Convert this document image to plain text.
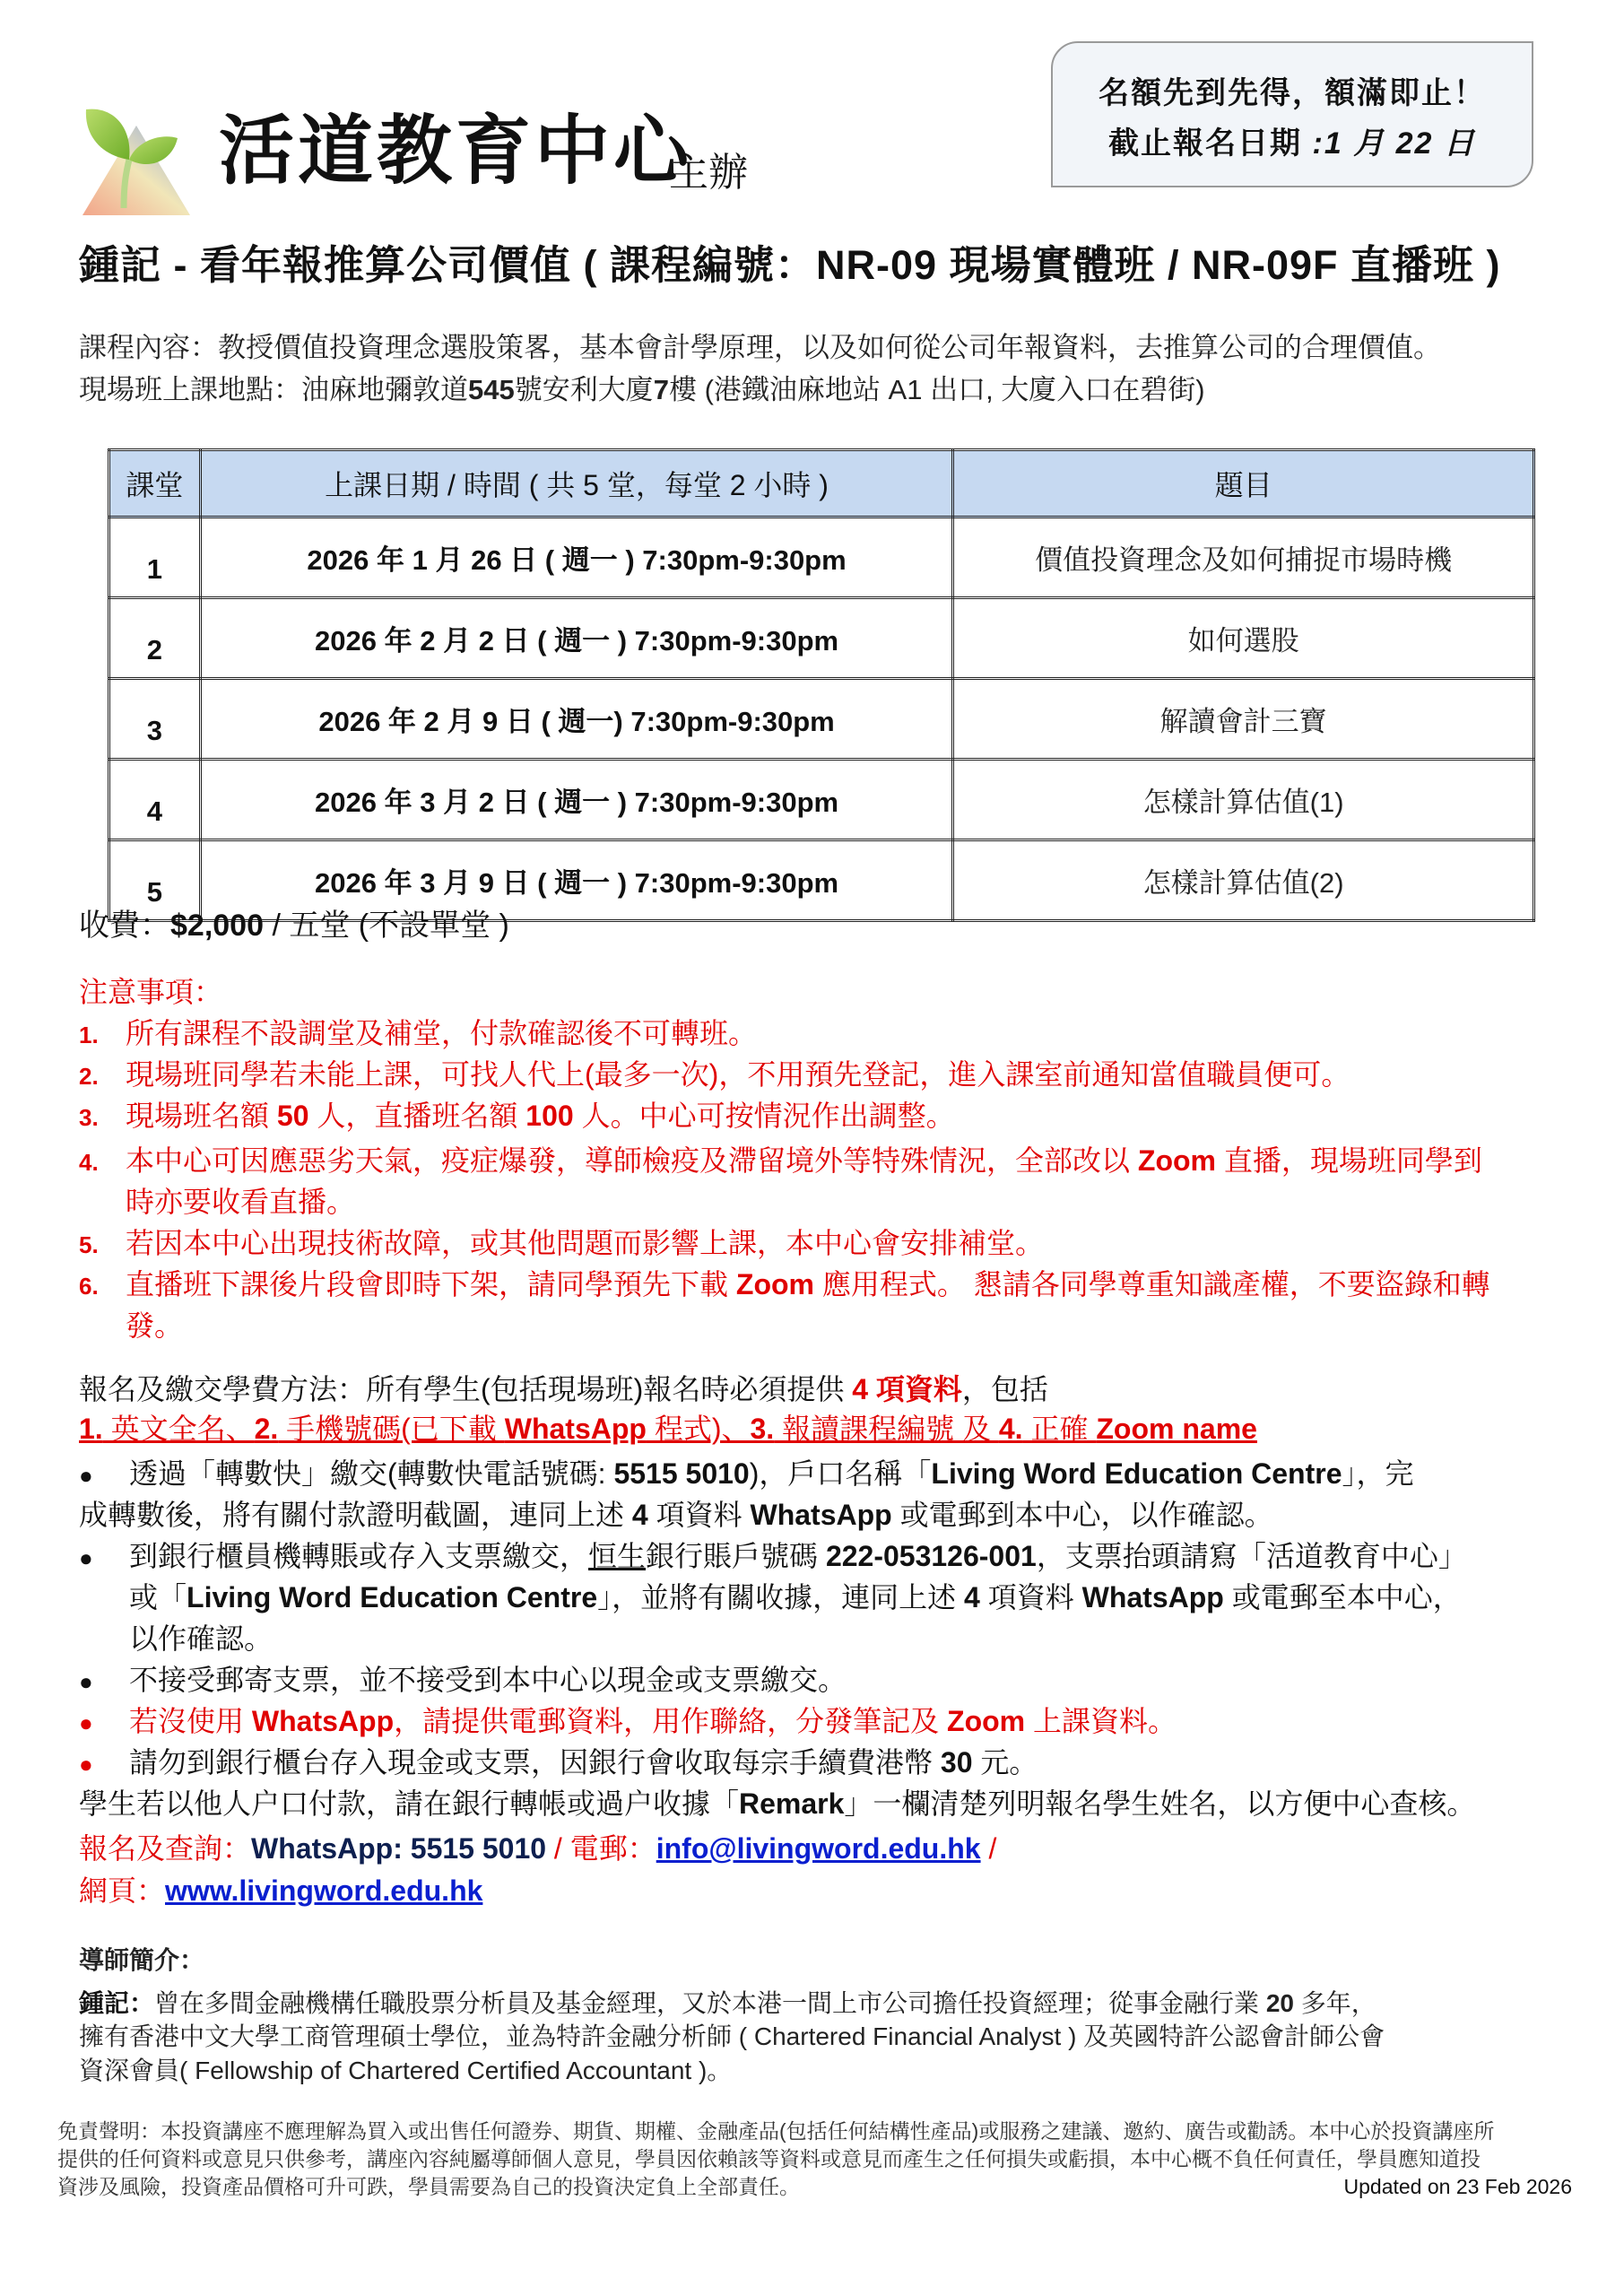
名額先到先得，額滿即止！
截止報名日期 :1 月 22 日
活道教育中心
主辦
鍾記 - 看年報推算公司價值 ( 課程編號：NR-09 現場實體班 / NR-09F 直播班 )
課程內容：教授價值投資理念選股策畧，基本會計學原理，以及如何從公司年報資料，去推算公司的合理價值。
現場班上課地點：油麻地彌敦道545號安利大廈7樓 (港鐵油麻地站 A1 出口, 大廈入口在碧街)
課堂	上課日期 / 時間 ( 共 5 堂，每堂 2 小時 )	題目
1	2026 年 1 月 26 日 ( 週一 ) 7:30pm-9:30pm	價值投資理念及如何捕捉市場時機
2	2026 年 2 月 2 日 ( 週一 ) 7:30pm-9:30pm	如何選股
3	2026 年 2 月 9 日 ( 週一) 7:30pm-9:30pm	解讀會計三寶
4	2026 年 3 月 2 日 ( 週一 ) 7:30pm-9:30pm	怎樣計算估值(1)
5	2026 年 3 月 9 日 ( 週一 ) 7:30pm-9:30pm	怎樣計算估值(2)
收費：$2,000 / 五堂 (不設單堂 )
注意事項：
1. 所有課程不設調堂及補堂，付款確認後不可轉班。
2. 現場班同學若未能上課，可找人代上(最多一次)，不用預先登記，進入課室前通知當值職員便可。
3. 現場班名額 50 人，直播班名額 100 人。中心可按情況作出調整。
4. 本中心可因應惡劣天氣，疫症爆發，導師檢疫及滯留境外等特殊情況，全部改以 Zoom 直播，現場班同學到
時亦要收看直播。
5. 若因本中心出現技術故障，或其他問題而影響上課，本中心會安排補堂。
6. 直播班下課後片段會即時下架，請同學預先下載 Zoom 應用程式。 懇請各同學尊重知識產權，不要盜錄和轉
發。
報名及繳交學費方法：所有學生(包括現場班)報名時必須提供 4 項資料，包括
1. 英文全名、2. 手機號碼(已下載 WhatsApp 程式)、3. 報讀課程編號 及 4. 正確 Zoom name
● 透過「轉數快」繳交(轉數快電話號碼: 5515 5010)，戶口名稱「Living Word Education Centre」，完
成轉數後，將有關付款證明截圖，連同上述 4 項資料 WhatsApp 或電郵到本中心，以作確認。
● 到銀行櫃員機轉賬或存入支票繳交，恒生銀行賬戶號碼 222-053126-001，支票抬頭請寫「活道教育中心」
或「Living Word Education Centre」，並將有關收據，連同上述 4 項資料 WhatsApp 或電郵至本中心，
以作確認。
● 不接受郵寄支票，並不接受到本中心以現金或支票繳交。
● 若沒使用 WhatsApp，請提供電郵資料，用作聯絡，分發筆記及 Zoom 上課資料。
● 請勿到銀行櫃台存入現金或支票，因銀行會收取每宗手續費港幣 30 元。
學生若以他人户口付款，請在銀行轉帳或過户收據「Remark」一欄清楚列明報名學生姓名，以方便中心查核。
報名及查詢：WhatsApp: 5515 5010 / 電郵：info@livingword.edu.hk /
網頁：www.livingword.edu.hk
導師簡介：
鍾記：曾在多間金融機構任職股票分析員及基金經理，又於本港一間上市公司擔任投資經理；從事金融行業 20 多年，
擁有香港中文大學工商管理碩士學位，並為特許金融分析師 ( Chartered Financial Analyst ) 及英國特許公認會計師公會
資深會員( Fellowship of Chartered Certified Accountant )。
免責聲明：本投資講座不應理解為買入或出售任何證券、期貨、期權、金融產品(包括任何結構性產品)或服務之建議、邀約、廣告或勸誘。本中心於投資講座所
提供的任何資料或意見只供參考，講座內容純屬導師個人意見，學員因依賴該等資料或意見而產生之任何損失或虧損，本中心概不負任何責任，學員應知道投
資涉及風險，投資產品價格可升可跌，學員需要為自己的投資決定負上全部責任。	Updated on 23 Feb 2026
